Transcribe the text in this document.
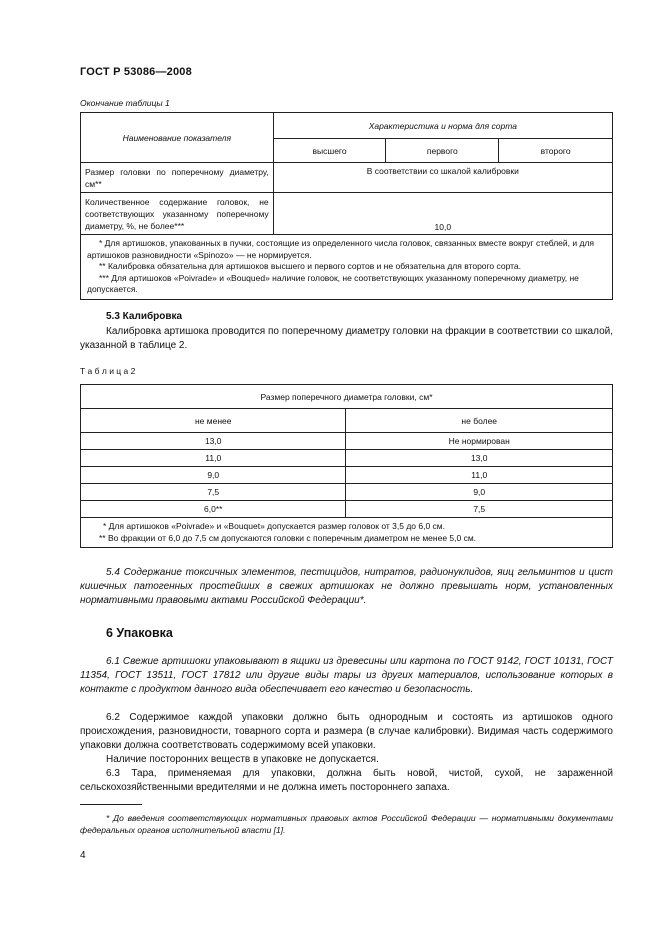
ГОСТ Р 53086—2008
Окончание таблицы 1
Наименование показателя	Характеристика и норма для сорта		
	высшего	первого	второго
Размер головки по поперечному диаметру, см**	В соответствии со шкалой калибровки		
Количественное содержание головок, не соответствующих указанному поперечному диаметру, %, не более***	10,0		

* Для артишоков, упакованных в пучки, состоящие из определенного числа головок, связанных вместе вокруг стеблей, и для артишоков разновидности «Spinozo» — не нормируется.
** Калибровка обязательна для артишоков высшего и первого сортов и не обязательна для второго сорта.
*** Для артишоков «Poivrade» и «Bouqued» наличие головок, не соответствующих указанному поперечному диаметру, не допускается.			
5.3 Калибровка
Калибровка артишока проводится по поперечному диаметру головки на фракции в соответствии со шкалой, указанной в таблице 2.
Т а б л и ц а 2
Размер поперечного диаметра головки, см*	
не менее	не более
13,0	Не нормирован
11,0	13,0
9,0	11,0
7,5	9,0
6,0**	7,5

* Для артишоков «Poivrade» и «Bouquet» допускается размер головок от 3,5 до 6,0 см.
** Во фракции от 6,0 до 7,5 см допускаются головки с поперечным диаметром не менее 5,0 см.	
5.4 Содержание токсичных элементов, пестицидов, нитратов, радионуклидов, яиц гельминтов и цист кишечных патогенных простейших в свежих артишоках не должно превышать норм, установленных нормативными правовыми актами Российской Федерации*.
6 Упаковка
6.1 Свежие артишоки упаковывают в ящики из древесины или картона по ГОСТ 9142, ГОСТ 10131, ГОСТ 11354, ГОСТ 13511, ГОСТ 17812 или другие виды тары из других материалов, использование которых в контакте с продуктом данного вида обеспечивает его качество и безопасность.
6.2 Содержимое каждой упаковки должно быть однородным и состоять из артишоков одного происхождения, разновидности, товарного сорта и размера (в случае калибровки). Видимая часть содержимого упаковки должна соответствовать содержимому всей упаковки.
Наличие посторонних веществ в упаковке не допускается.
6.3 Тара, применяемая для упаковки, должна быть новой, чистой, сухой, не зараженной сельскохозяйственными вредителями и не должна иметь постороннего запаха.
* До введения соответствующих нормативных правовых актов Российской Федерации — нормативными документами федеральных органов исполнительной власти [1].
4
